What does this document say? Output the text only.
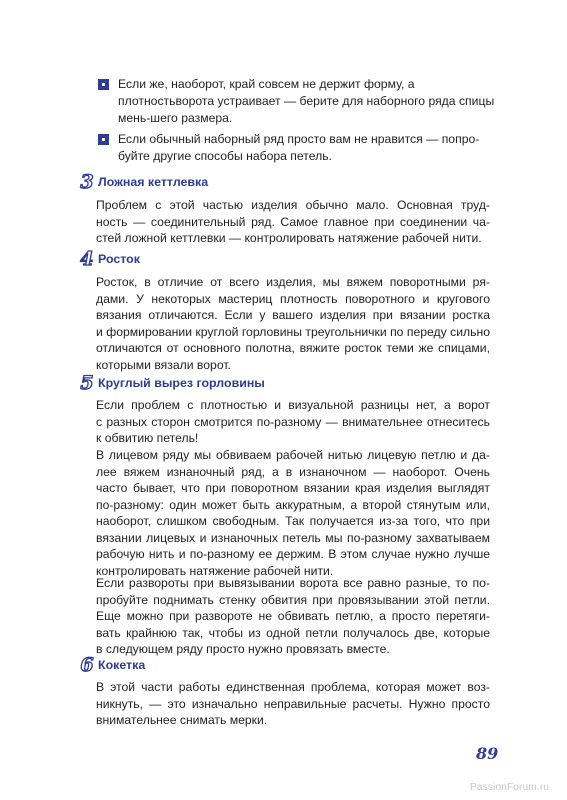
Если же, наоборот, край совсем не держит форму, а плотностьворота устраивает — берите для наборного ряда спицы мень-шего размера.
Если обычный наборный ряд просто вам не нравится — попро-буйте другие способы набора петель.
3 Ложная кеттлевка
Проблем с этой частью изделия обычно мало. Основная труд-
ность — соединительный ряд. Самое главное при соединении ча-
стей ложной кеттлевки — контролировать натяжение рабочей нити.
4 Росток
Росток, в отличие от всего изделия, мы вяжем поворотными ря-
дами. У некоторых мастериц плотность поворотного и кругового
вязания отличаются. Если у вашего изделия при вязании ростка
и формировании круглой горловины треугольнички по переду сильно
отличаются от основного полотна, вяжите росток теми же спицами,
которыми вязали ворот.
5 Круглый вырез горловины
Если проблем с плотностью и визуальной разницы нет, а ворот
с разных сторон смотрится по-разному — внимательнее отнеситесь
к обвитию петель!
В лицевом ряду мы обвиваем рабочей нитью лицевую петлю и да-
лее вяжем изнаночный ряд, а в изнаночном — наоборот. Очень
часто бывает, что при поворотном вязании края изделия выглядят
по-разному: один может быть аккуратным, а второй стянутым или,
наоборот, слишком свободным. Так получается из-за того, что при
вязании лицевых и изнаночных петель мы по-разному захватываем
рабочую нить и по-разному ее держим. В этом случае нужно лучше
контролировать натяжение рабочей нити.
Если развороты при вывязывании ворота все равно разные, то по-
пробуйте поднимать стенку обвития при провязывании этой петли.
Еще можно при развороте не обвивать петлю, а просто перетяги-
вать крайнюю так, чтобы из одной петли получалось две, которые
в следующем ряду просто нужно провязать вместе.
6 Кокетка
В этой части работы единственная проблема, которая может воз-
никнуть, — это изначально неправильные расчеты. Нужно просто
внимательнее снимать мерки.
89
PassionForum.ru
